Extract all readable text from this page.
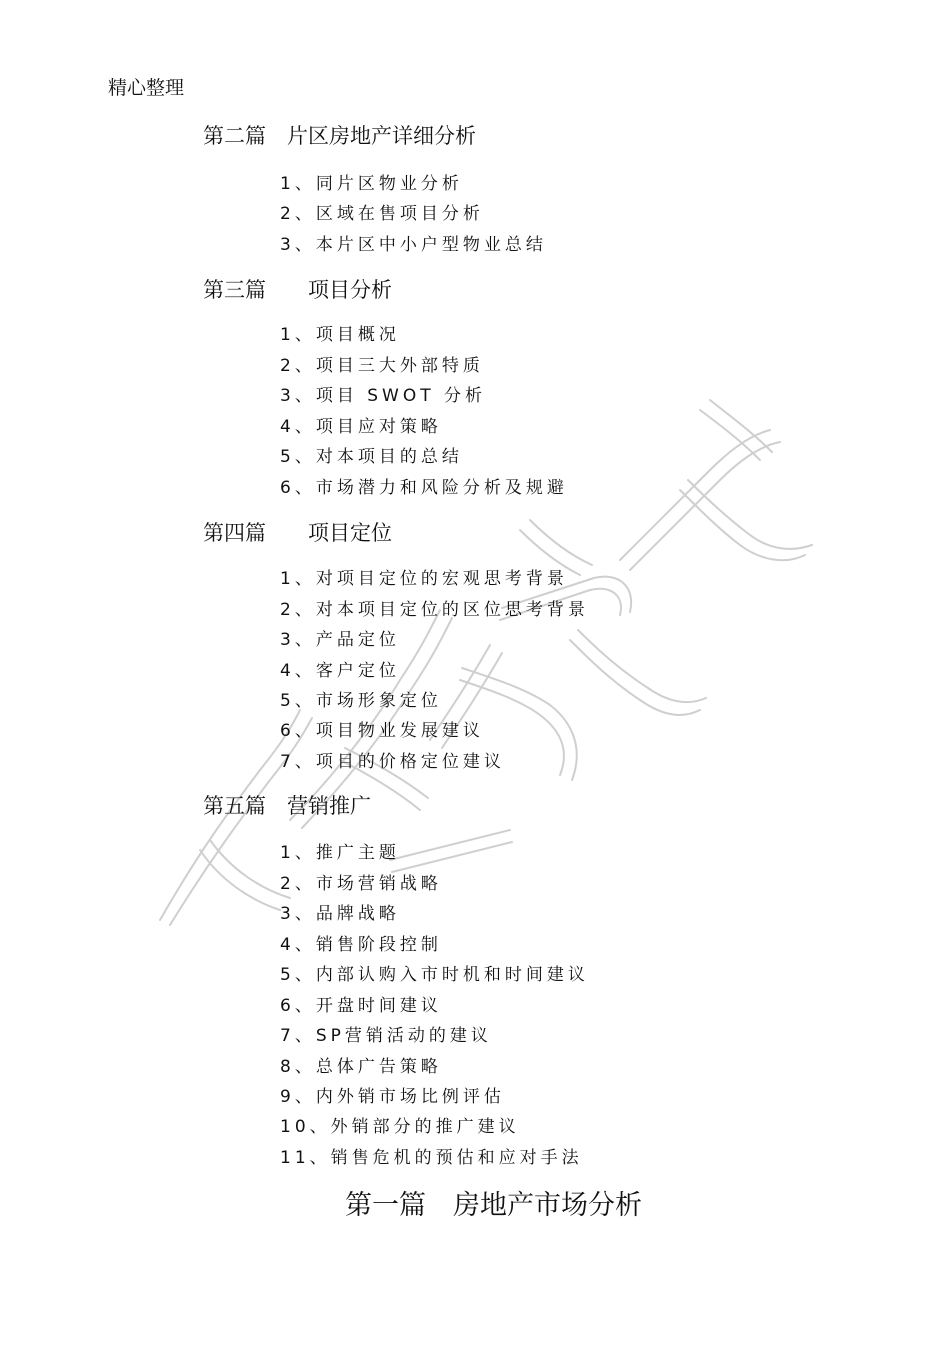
精心整理
第二篇　片区房地产详细分析
1、同片区物业分析
2、区域在售项目分析
3、本片区中小户型物业总结
第三篇　　项目分析
1、项目概况
2、项目三大外部特质
3、项目 SWOT 分析
4、项目应对策略
5、对本项目的总结
6、市场潜力和风险分析及规避
第四篇　　项目定位
1、对项目定位的宏观思考背景
2、对本项目定位的区位思考背景
3、产品定位
4、客户定位
5、市场形象定位
6、项目物业发展建议
7、项目的价格定位建议
第五篇　营销推广
1、推广主题
2、市场营销战略
3、品牌战略
4、销售阶段控制
5、内部认购入市时机和时间建议
6、开盘时间建议
7、SP营销活动的建议
8、总体广告策略
9、内外销市场比例评估
10、外销部分的推广建议
11、销售危机的预估和应对手法
第一篇　房地产市场分析
